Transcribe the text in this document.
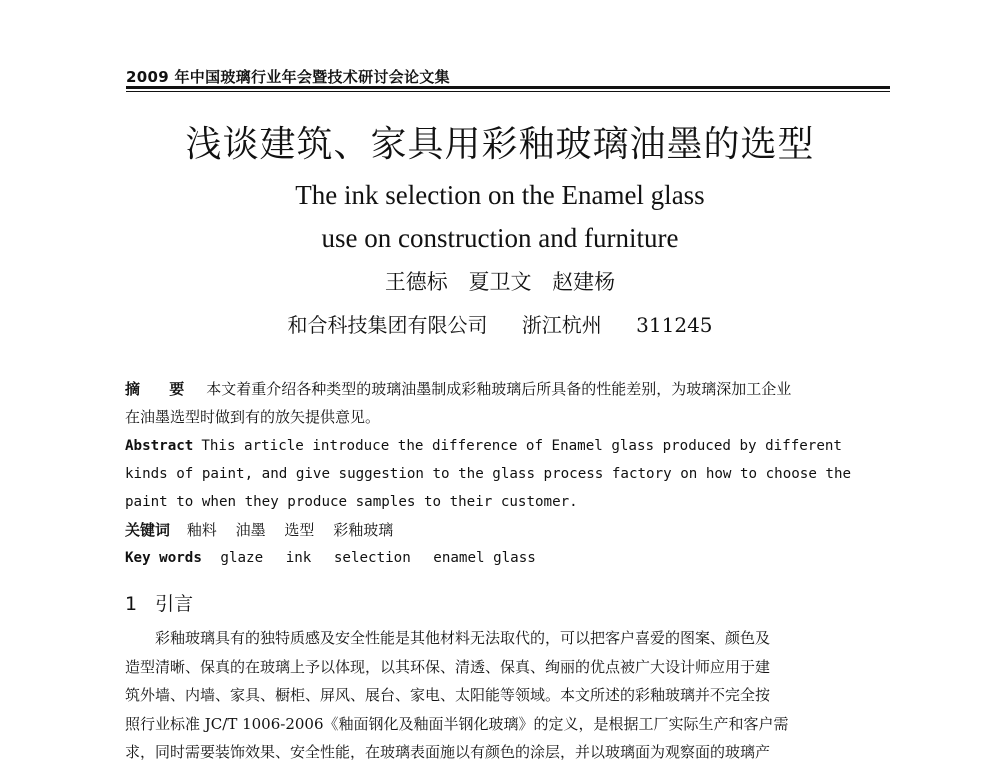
2009 年中国玻璃行业年会暨技术研讨会论文集
浅谈建筑、家具用彩釉玻璃油墨的选型
The ink selection on the Enamel glass
use on construction and furniture
王德标 夏卫文 赵建杨
和合科技集团有限公司 浙江杭州 311245
摘 要 本文着重介绍各种类型的玻璃油墨制成彩釉玻璃后所具备的性能差别，为玻璃深加工企业
在油墨选型时做到有的放矢提供意见。
Abstract This article introduce the difference of Enamel glass produced by different
kinds of paint, and give suggestion to the glass process factory on how to choose the
paint to when they produce samples to their customer.
关键词 釉料 油墨 选型 彩釉玻璃
Key words glaze ink selection enamel glass
1 引言
彩釉玻璃具有的独特质感及安全性能是其他材料无法取代的，可以把客户喜爱的图案、颜色及
造型清晰、保真的在玻璃上予以体现，以其环保、清透、保真、绚丽的优点被广大设计师应用于建
筑外墙、内墙、家具、橱柜、屏风、展台、家电、太阳能等领域。本文所述的彩釉玻璃并不完全按
照行业标准 JC/T 1006-2006《釉面钢化及釉面半钢化玻璃》的定义，是根据工厂实际生产和客户需
求，同时需要装饰效果、安全性能，在玻璃表面施以有颜色的涂层，并以玻璃面为观察面的玻璃产
